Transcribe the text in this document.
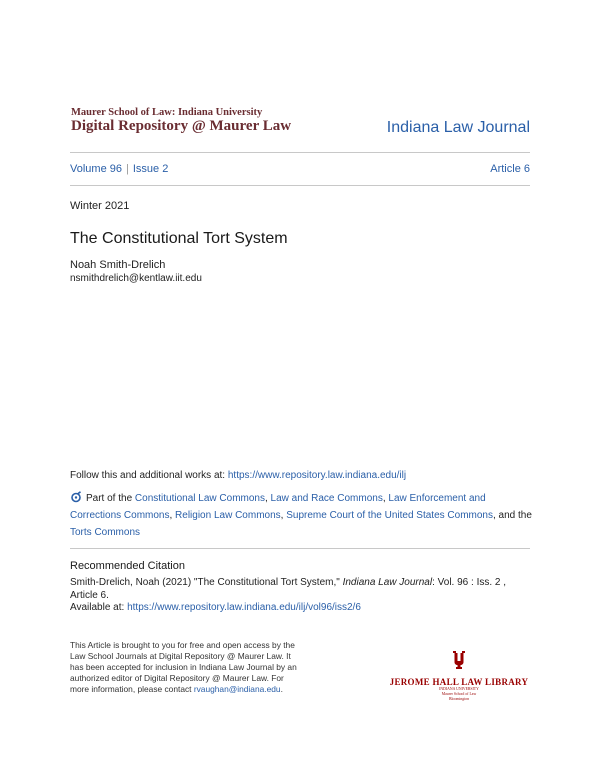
Maurer School of Law: Indiana University
Digital Repository @ Maurer Law	Indiana Law Journal
Volume 96 | Issue 2	Article 6
Winter 2021
The Constitutional Tort System
Noah Smith-Drelich
nsmithdrelich@kentlaw.iit.edu
Follow this and additional works at: https://www.repository.law.indiana.edu/ilj
Part of the Constitutional Law Commons, Law and Race Commons, Law Enforcement and Corrections Commons, Religion Law Commons, Supreme Court of the United States Commons, and the Torts Commons
Recommended Citation
Smith-Drelich, Noah (2021) "The Constitutional Tort System," Indiana Law Journal: Vol. 96 : Iss. 2 , Article 6.
Available at: https://www.repository.law.indiana.edu/ilj/vol96/iss2/6
This Article is brought to you for free and open access by the Law School Journals at Digital Repository @ Maurer Law. It has been accepted for inclusion in Indiana Law Journal by an authorized editor of Digital Repository @ Maurer Law. For more information, please contact rvaughan@indiana.edu.
JEROME HALL LAW LIBRARY
INDIANA UNIVERSITY
Maurer School of Law
Bloomington
